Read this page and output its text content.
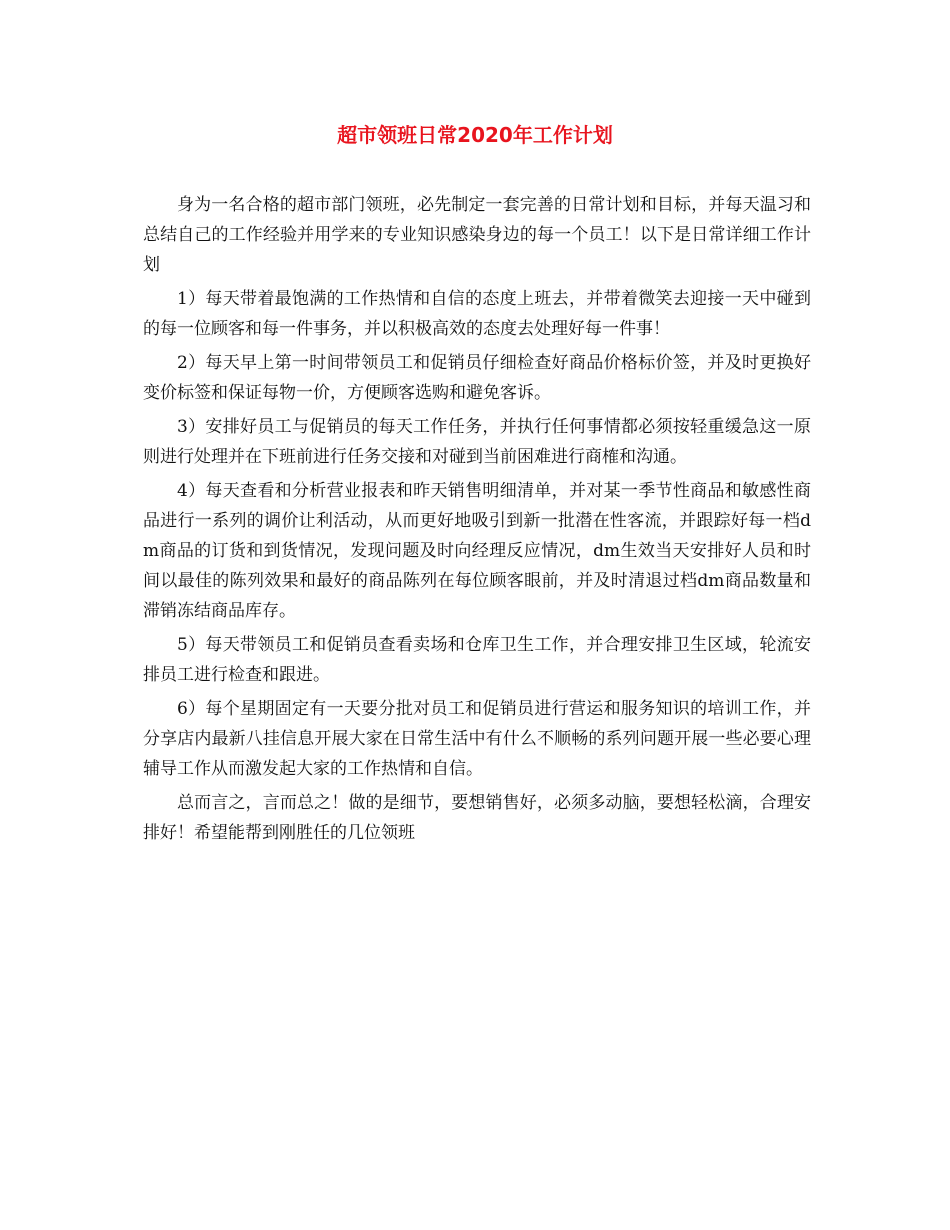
超市领班日常2020年工作计划

身为一名合格的超市部门领班，必先制定一套完善的日常计划和目标，并每天温习和总结自己的工作经验并用学来的专业知识感染身边的每一个员工！以下是日常详细工作计划

1）每天带着最饱满的工作热情和自信的态度上班去，并带着微笑去迎接一天中碰到的每一位顾客和每一件事务，并以积极高效的态度去处理好每一件事！

2）每天早上第一时间带领员工和促销员仔细检查好商品价格标价签，并及时更换好变价标签和保证每物一价，方便顾客选购和避免客诉。

3）安排好员工与促销员的每天工作任务，并执行任何事情都必须按轻重缓急这一原则进行处理并在下班前进行任务交接和对碰到当前困难进行商榷和沟通。

4）每天查看和分析营业报表和昨天销售明细清单，并对某一季节性商品和敏感性商品进行一系列的调价让利活动，从而更好地吸引到新一批潜在性客流，并跟踪好每一档dm商品的订货和到货情况，发现问题及时向经理反应情况，dm生效当天安排好人员和时间以最佳的陈列效果和最好的商品陈列在每位顾客眼前，并及时清退过档dm商品数量和滞销冻结商品库存。

5）每天带领员工和促销员查看卖场和仓库卫生工作，并合理安排卫生区域，轮流安排员工进行检查和跟进。

6）每个星期固定有一天要分批对员工和促销员进行营运和服务知识的培训工作，并分享店内最新八挂信息开展大家在日常生活中有什么不顺畅的系列问题开展一些必要心理辅导工作从而激发起大家的工作热情和自信。

总而言之，言而总之！做的是细节，要想销售好，必须多动脑，要想轻松滴，合理安排好！希望能帮到刚胜任的几位领班
